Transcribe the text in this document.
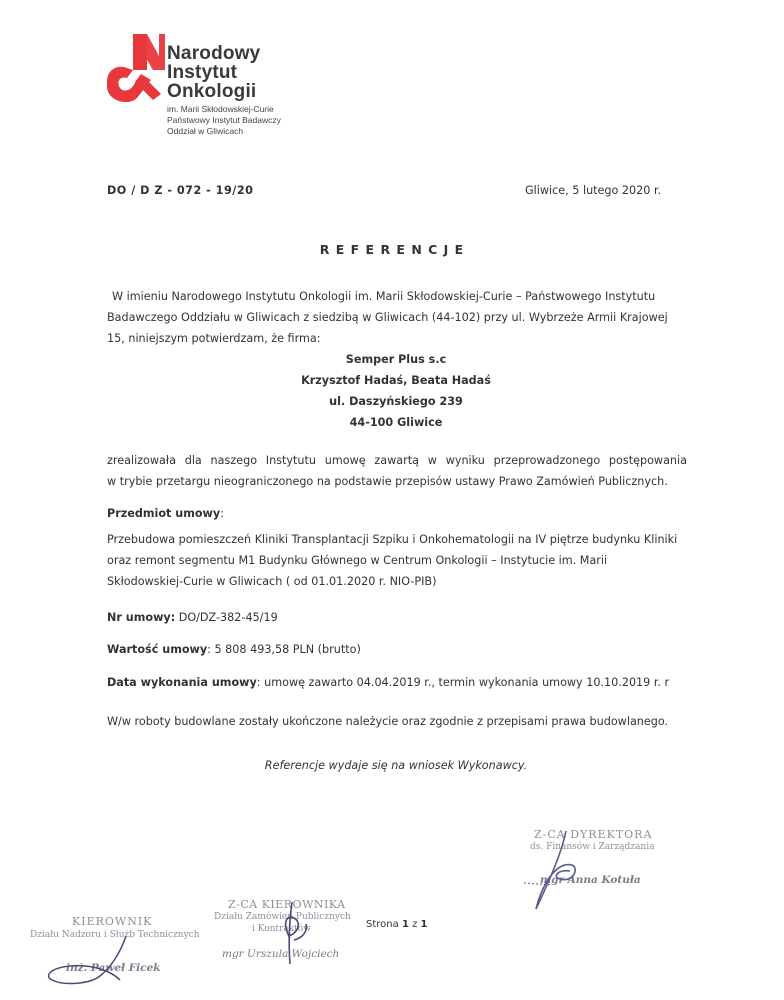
Narodowy
Instytut
Onkologii
im. Marii Skłodowskiej-Curie
Państwowy Instytut Badawczy
Oddział w Gliwicach
DO / D Z - 072 - 19/20	Gliwice, 5 lutego 2020 r.
R E F E R E N C J E
W imieniu Narodowego Instytutu Onkologii im. Marii Skłodowskiej-Curie – Państwowego Instytutu
Badawczego Oddziału w Gliwicach z siedzibą w Gliwicach (44-102) przy ul. Wybrzeże Armii Krajowej
15, niniejszym potwierdzam, że firma:
Semper Plus s.c
Krzysztof Hadaś, Beata Hadaś
ul. Daszyńskiego 239
44-100 Gliwice
zrealizowała dla naszego Instytutu umowę zawartą w wyniku przeprowadzonego postępowania
w trybie przetargu nieograniczonego na podstawie przepisów ustawy Prawo Zamówień Publicznych.
Przedmiot umowy:
Przebudowa pomieszczeń Kliniki Transplantacji Szpiku i Onkohematologii na IV piętrze budynku Kliniki
oraz remont segmentu M1 Budynku Głównego w Centrum Onkologii – Instytucie im. Marii
Skłodowskiej-Curie w Gliwicach ( od 01.01.2020 r. NIO-PIB)
Nr umowy: DO/DZ-382-45/19
Wartość umowy: 5 808 493,58 PLN (brutto)
Data wykonania umowy: umowę zawarto 04.04.2019 r., termin wykonania umowy 10.10.2019 r. r
W/w roboty budowlane zostały ukończone należycie oraz zgodnie z przepisami prawa budowlanego.
Referencje wydaje się na wniosek Wykonawcy.
Z-CA DYREKTORA
ds. Finansów i Zarządzania
mgr Anna Kotuła
Z-CA KIEROWNIKA
Działu Zamówień Publicznych
i Kontraktów
mgr Urszula Wojciech
KIEROWNIK
Działu Nadzoru i Służb Technicznych
inż. Paweł Ficek
Strona 1 z 1
